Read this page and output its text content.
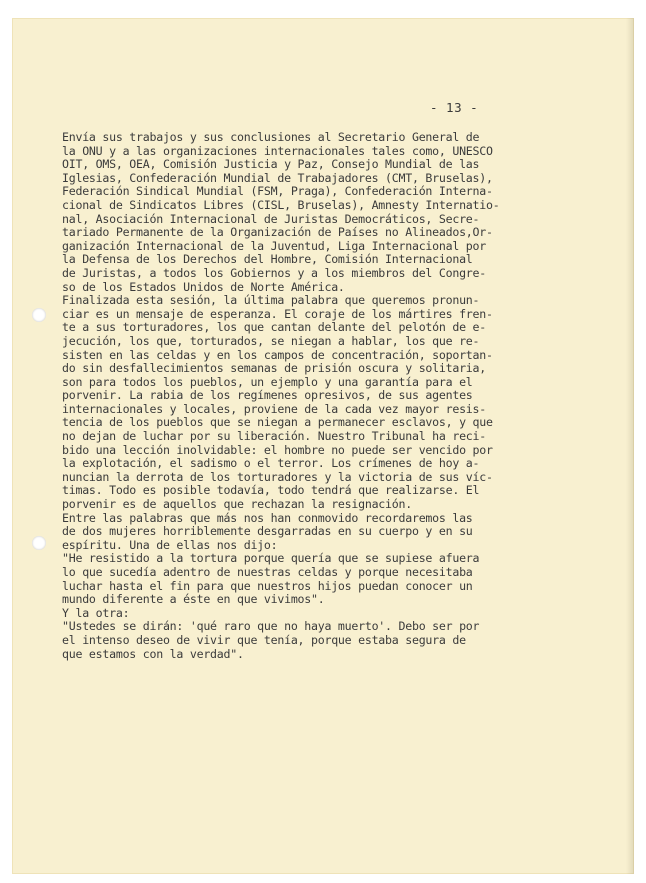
- 13 -
Envía sus trabajos y sus conclusiones al Secretario General de
la ONU y a las organizaciones internacionales tales como, UNESCO
OIT, OMS, OEA, Comisión Justicia y Paz, Consejo Mundial de las
Iglesias, Confederación Mundial de Trabajadores (CMT, Bruselas),
Federación Sindical Mundial (FSM, Praga), Confederación Interna-
cional de Sindicatos Libres (CISL, Bruselas), Amnesty Internatio-
nal, Asociación Internacional de Juristas Democráticos, Secre-
tariado Permanente de la Organización de Países no Alineados,Or-
ganización Internacional de la Juventud, Liga Internacional por
la Defensa de los Derechos del Hombre, Comisión Internacional
de Juristas, a todos los Gobiernos y a los miembros del Congre-
so de los Estados Unidos de Norte América.
Finalizada esta sesión, la última palabra que queremos pronun-
ciar es un mensaje de esperanza. El coraje de los mártires fren-
te a sus torturadores, los que cantan delante del pelotón de e-
jecución, los que, torturados, se niegan a hablar, los que re-
sisten en las celdas y en los campos de concentración, soportan-
do sin desfallecimientos semanas de prisión oscura y solitaria,
son para todos los pueblos, un ejemplo y una garantía para el
porvenir. La rabia de los regímenes opresivos, de sus agentes
internacionales y locales, proviene de la cada vez mayor resis-
tencia de los pueblos que se niegan a permanecer esclavos, y que
no dejan de luchar por su liberación. Nuestro Tribunal ha reci-
bido una lección inolvidable: el hombre no puede ser vencido por
la explotación, el sadismo o el terror. Los crímenes de hoy a-
nuncian la derrota de los torturadores y la victoria de sus víc-
timas. Todo es posible todavía, todo tendrá que realizarse. El
porvenir es de aquellos que rechazan la resignación.
Entre las palabras que más nos han conmovido recordaremos las
de dos mujeres horriblemente desgarradas en su cuerpo y en su
espíritu. Una de ellas nos dijo:
"He resistido a la tortura porque quería que se supiese afuera
lo que sucedía adentro de nuestras celdas y porque necesitaba
luchar hasta el fin para que nuestros hijos puedan conocer un
mundo diferente a éste en que vivimos".
Y la otra:
"Ustedes se dirán: 'qué raro que no haya muerto'. Debo ser por
el intenso deseo de vivir que tenía, porque estaba segura de
que estamos con la verdad".
